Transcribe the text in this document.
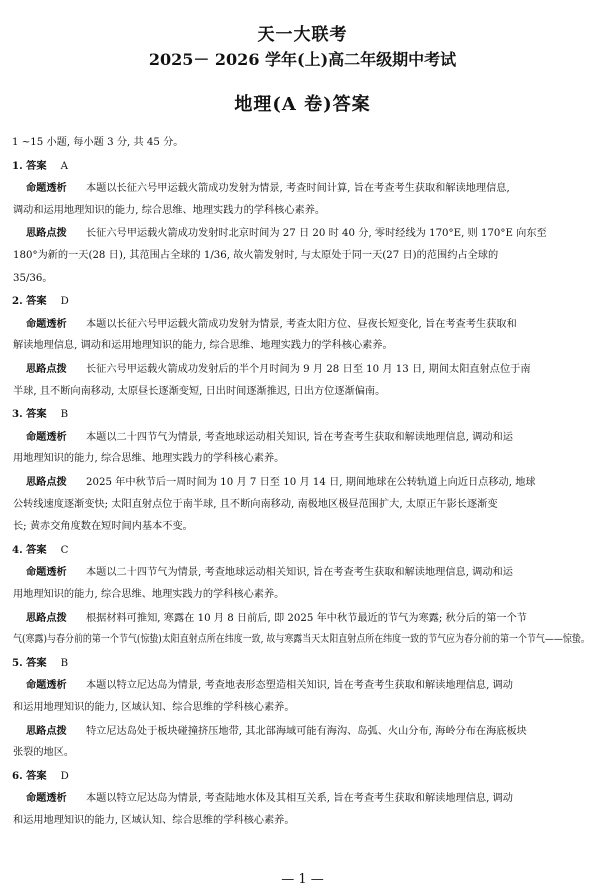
天一大联考
2025－ 2026 学年(上)高二年级期中考试
地理(A 卷)答案
1 ~15 小题, 每小题 3 分, 共 45 分。
1. 答案 A
命题透析 本题以长征六号甲运载火箭成功发射为情景, 考查时间计算, 旨在考查考生获取和解读地理信息,
调动和运用地理知识的能力, 综合思维、地理实践力的学科核心素养。
思路点拨 长征六号甲运载火箭成功发射时北京时间为 27 日 20 时 40 分, 零时经线为 170°E, 则 170°E 向东至
180°为新的一天(28 日), 其范围占全球的 1/36, 故火箭发射时, 与太原处于同一天(27 日)的范围约占全球的
35/36。
2. 答案 D
命题透析 本题以长征六号甲运载火箭成功发射为情景, 考查太阳方位、昼夜长短变化, 旨在考查考生获取和
解读地理信息, 调动和运用地理知识的能力, 综合思维、地理实践力的学科核心素养。
思路点拨 长征六号甲运载火箭成功发射后的半个月时间为 9 月 28 日至 10 月 13 日, 期间太阳直射点位于南
半球, 且不断向南移动, 太原昼长逐渐变短, 日出时间逐渐推迟, 日出方位逐渐偏南。
3. 答案 B
命题透析 本题以二十四节气为情景, 考查地球运动相关知识, 旨在考查考生获取和解读地理信息, 调动和运
用地理知识的能力, 综合思维、地理实践力的学科核心素养。
思路点拨 2025 年中秋节后一周时间为 10 月 7 日至 10 月 14 日, 期间地球在公转轨道上向近日点移动, 地球
公转线速度逐渐变快; 太阳直射点位于南半球, 且不断向南移动, 南极地区极昼范围扩大, 太原正午影长逐渐变
长; 黄赤交角度数在短时间内基本不变。
4. 答案 C
命题透析 本题以二十四节气为情景, 考查地球运动相关知识, 旨在考查考生获取和解读地理信息, 调动和运
用地理知识的能力, 综合思维、地理实践力的学科核心素养。
思路点拨 根据材料可推知, 寒露在 10 月 8 日前后, 即 2025 年中秋节最近的节气为寒露; 秋分后的第一个节
气(寒露)与春分前的第一个节气(惊蛰)太阳直射点所在纬度一致, 故与寒露当天太阳直射点所在纬度一致的节气应为春分前的第一个节气——惊蛰。
5. 答案 B
命题透析 本题以特立尼达岛为情景, 考查地表形态塑造相关知识, 旨在考查考生获取和解读地理信息, 调动
和运用地理知识的能力, 区域认知、综合思维的学科核心素养。
思路点拨 特立尼达岛处于板块碰撞挤压地带, 其北部海域可能有海沟、岛弧、火山分布, 海岭分布在海底板块
张裂的地区。
6. 答案 D
命题透析 本题以特立尼达岛为情景, 考查陆地水体及其相互关系, 旨在考查考生获取和解读地理信息, 调动
和运用地理知识的能力, 区域认知、综合思维的学科核心素养。
— 1 —
